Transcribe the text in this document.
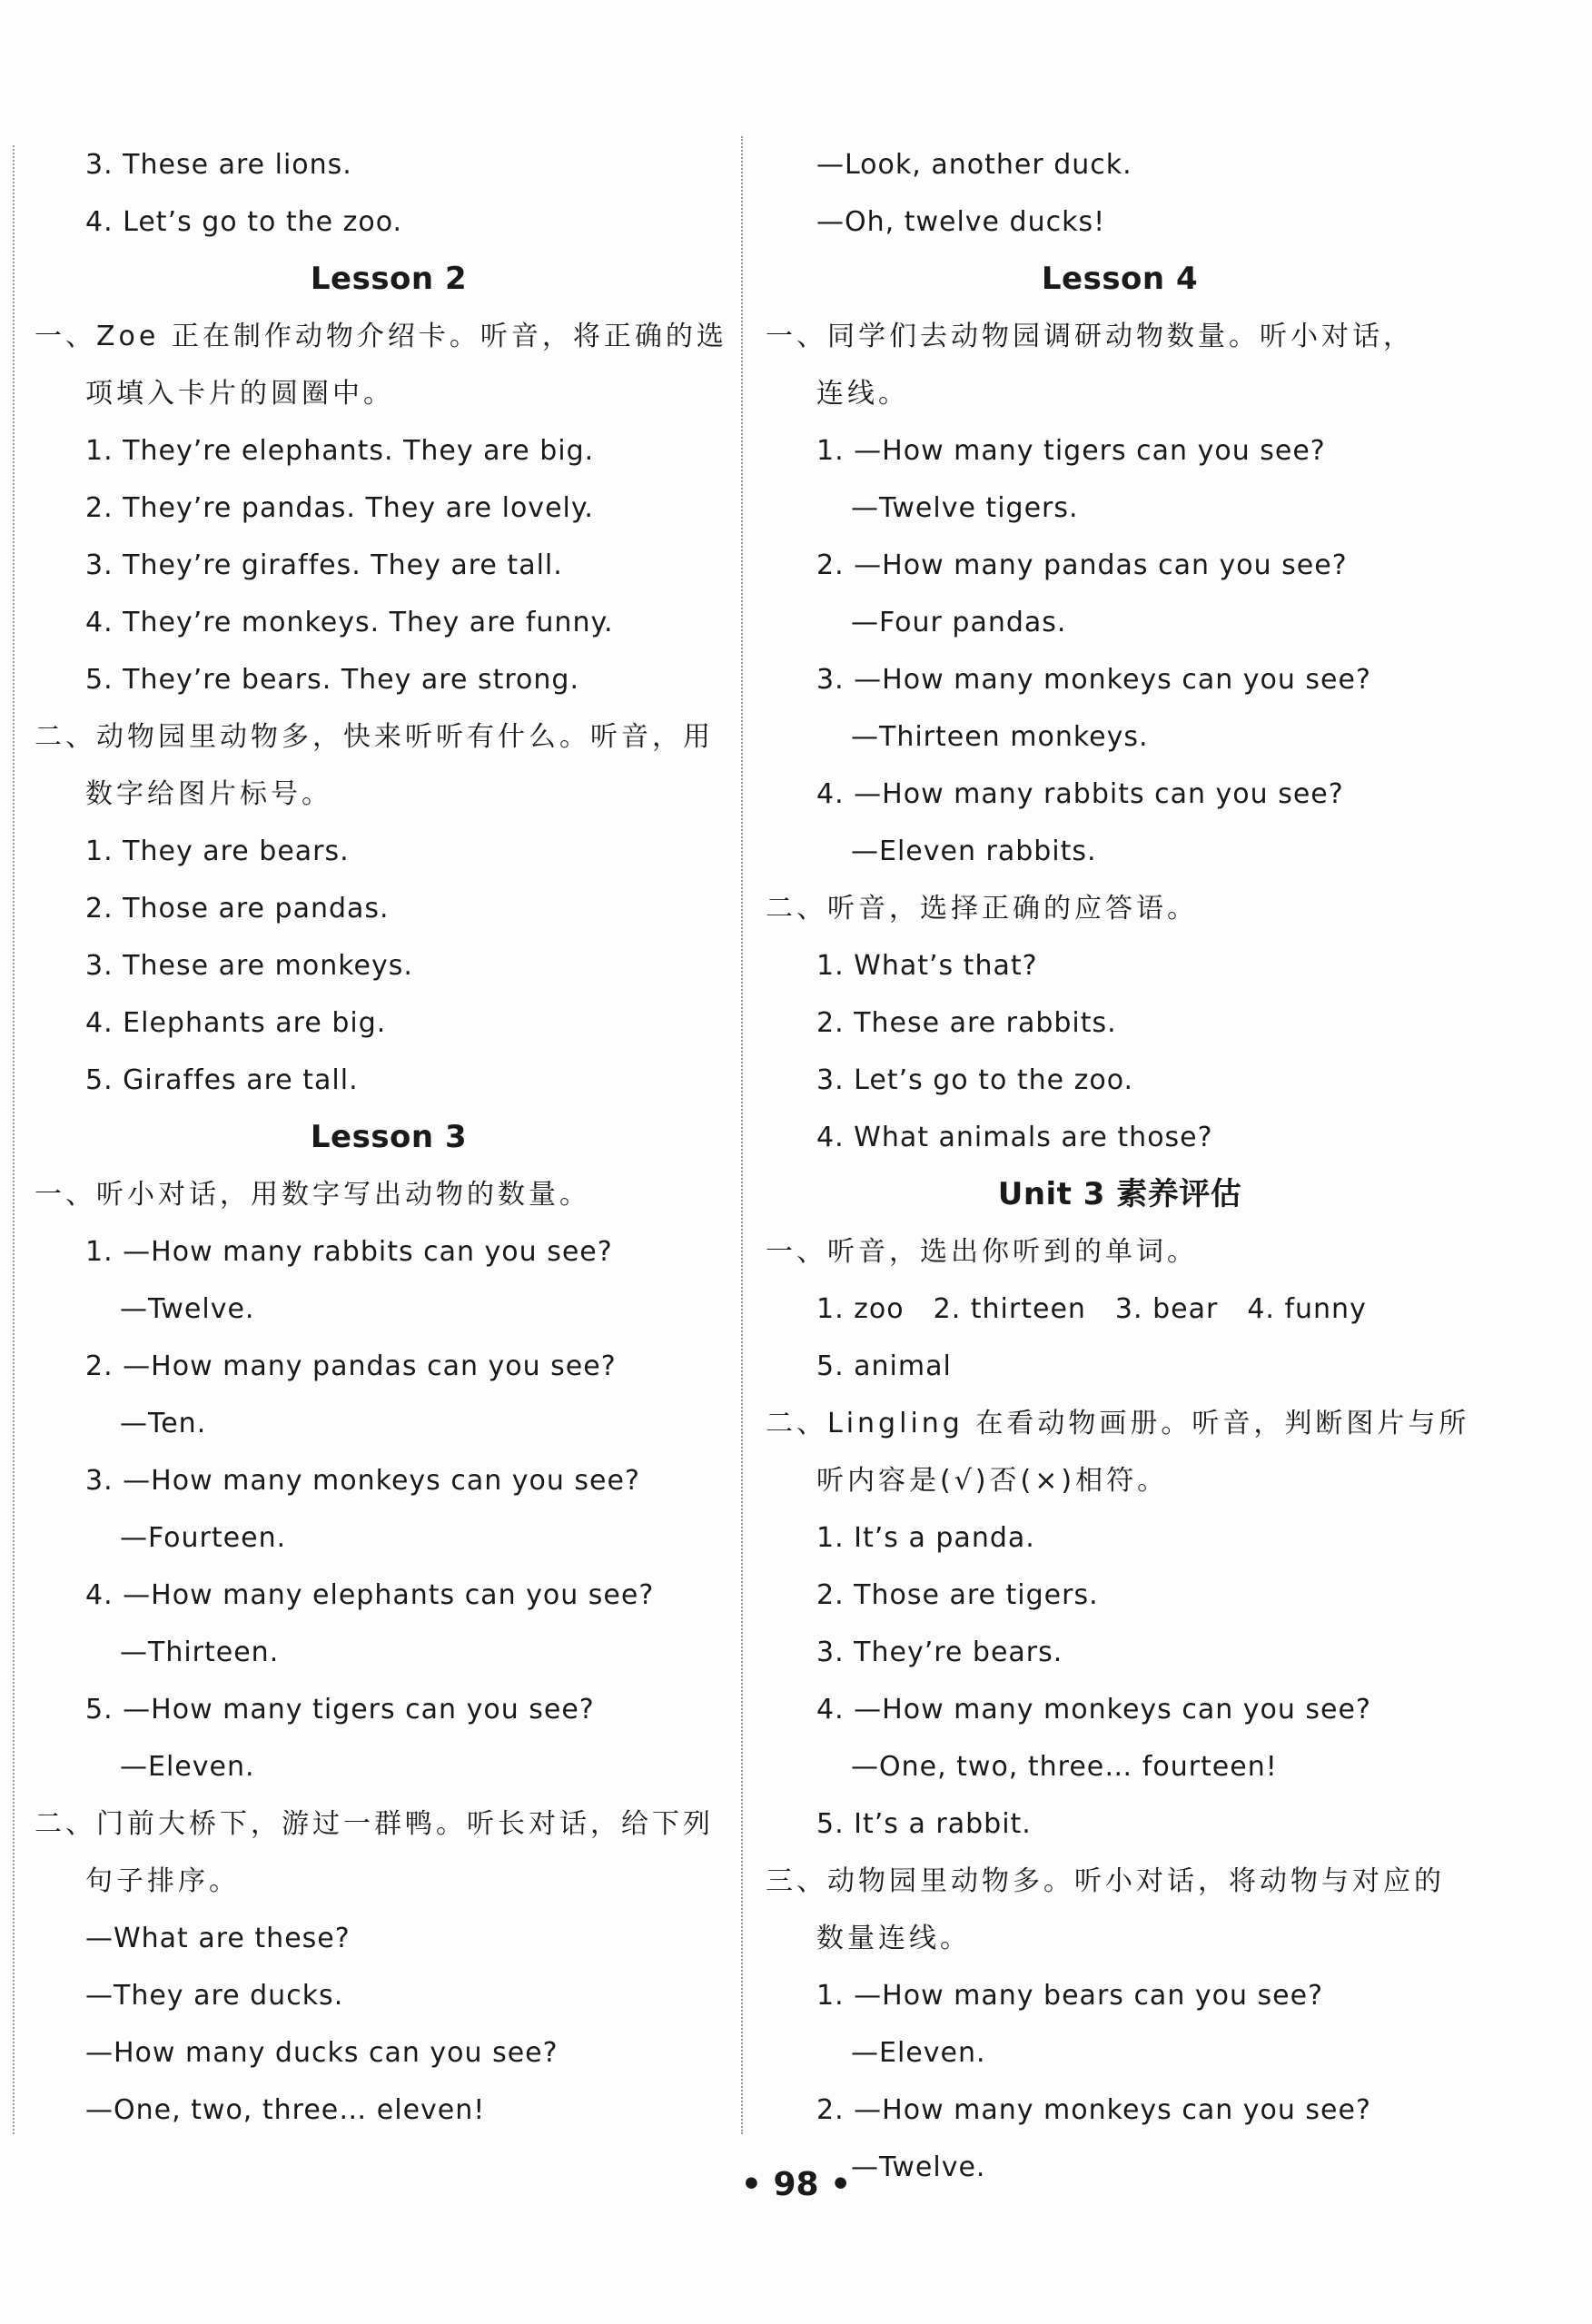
3. These are lions.
4. Let’s go to the zoo.
Lesson 2
一、Zoe 正在制作动物介绍卡。听音，将正确的选
项填入卡片的圆圈中。
1. They’re elephants. They are big.
2. They’re pandas. They are lovely.
3. They’re giraffes. They are tall.
4. They’re monkeys. They are funny.
5. They’re bears. They are strong.
二、动物园里动物多，快来听听有什么。听音，用
数字给图片标号。
1. They are bears.
2. Those are pandas.
3. These are monkeys.
4. Elephants are big.
5. Giraffes are tall.
Lesson 3
一、听小对话，用数字写出动物的数量。
1. —How many rabbits can you see?
—Twelve.
2. —How many pandas can you see?
—Ten.
3. —How many monkeys can you see?
—Fourteen.
4. —How many elephants can you see?
—Thirteen.
5. —How many tigers can you see?
—Eleven.
二、门前大桥下，游过一群鸭。听长对话，给下列
句子排序。
—What are these?
—They are ducks.
—How many ducks can you see?
—One, two, three… eleven!
—Look, another duck.
—Oh, twelve ducks!
Lesson 4
一、同学们去动物园调研动物数量。听小对话，
连线。
1. —How many tigers can you see?
—Twelve tigers.
2. —How many pandas can you see?
—Four pandas.
3. —How many monkeys can you see?
—Thirteen monkeys.
4. —How many rabbits can you see?
—Eleven rabbits.
二、听音，选择正确的应答语。
1. What’s that?
2. These are rabbits.
3. Let’s go to the zoo.
4. What animals are those?
Unit 3 素养评估
一、听音，选出你听到的单词。
1. zoo 2. thirteen 3. bear 4. funny
5. animal
二、Lingling 在看动物画册。听音，判断图片与所
听内容是(√)否(×)相符。
1. It’s a panda.
2. Those are tigers.
3. They’re bears.
4. —How many monkeys can you see?
—One, two, three… fourteen!
5. It’s a rabbit.
三、动物园里动物多。听小对话，将动物与对应的
数量连线。
1. —How many bears can you see?
—Eleven.
2. —How many monkeys can you see?
—Twelve.
• 98 •
